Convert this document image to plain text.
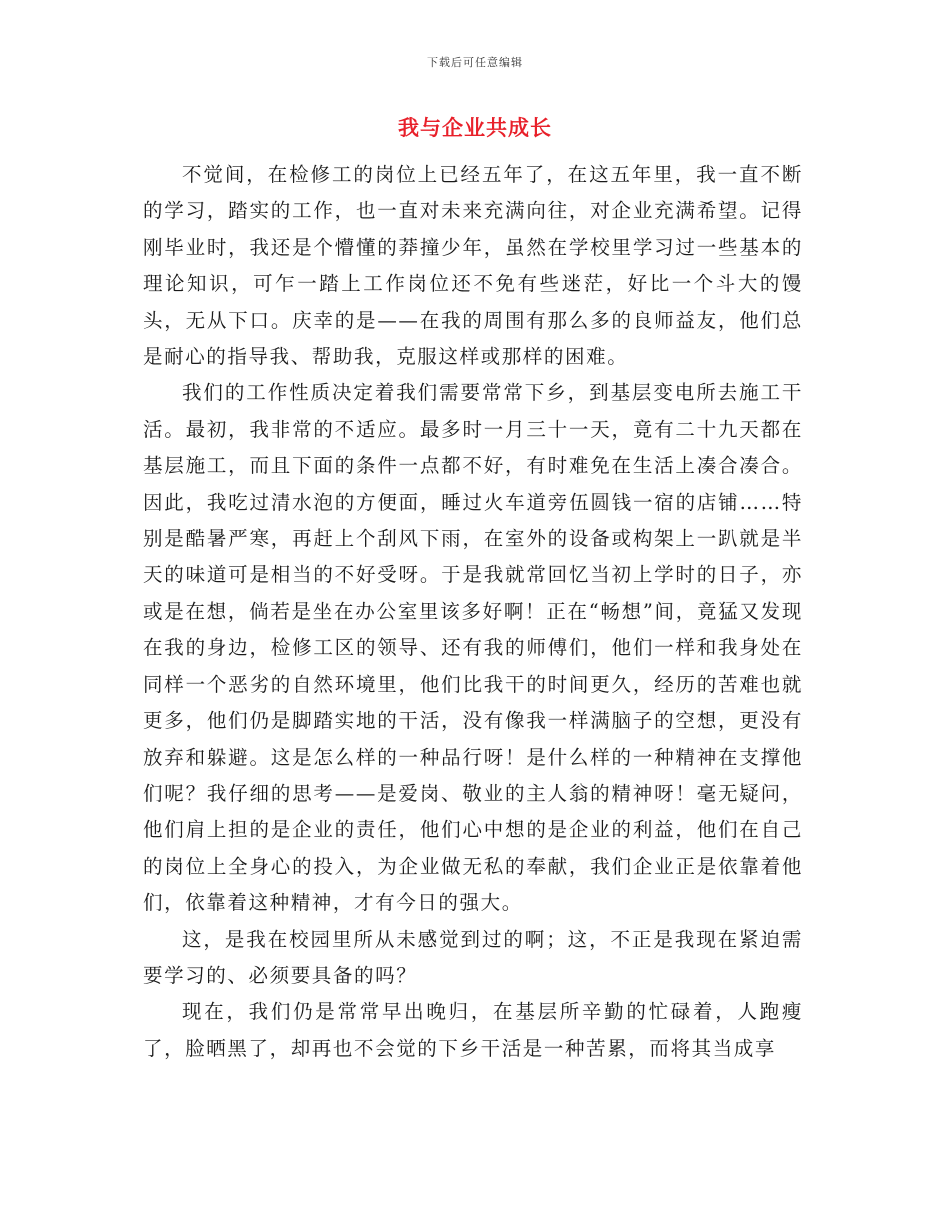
下载后可任意编辑
我与企业共成长

不觉间，在检修工的岗位上已经五年了，在这五年里，我一直不断的学习，踏实的工作，也一直对未来充满向往，对企业充满希望。记得刚毕业时，我还是个懵懂的莽撞少年，虽然在学校里学习过一些基本的理论知识，可乍一踏上工作岗位还不免有些迷茫，好比一个斗大的馒头，无从下口。庆幸的是——在我的周围有那么多的良师益友，他们总是耐心的指导我、帮助我，克服这样或那样的困难。

我们的工作性质决定着我们需要常常下乡，到基层变电所去施工干活。最初，我非常的不适应。最多时一月三十一天，竟有二十九天都在基层施工，而且下面的条件一点都不好，有时难免在生活上凑合凑合。因此，我吃过清水泡的方便面，睡过火车道旁伍圆钱一宿的店铺……特别是酷暑严寒，再赶上个刮风下雨，在室外的设备或构架上一趴就是半天的味道可是相当的不好受呀。于是我就常回忆当初上学时的日子，亦或是在想，倘若是坐在办公室里该多好啊！正在“畅想”间，竟猛又发现在我的身边，检修工区的领导、还有我的师傅们，他们一样和我身处在同样一个恶劣的自然环境里，他们比我干的时间更久，经历的苦难也就更多，他们仍是脚踏实地的干活，没有像我一样满脑子的空想，更没有放弃和躲避。这是怎么样的一种品行呀！是什么样的一种精神在支撑他们呢？我仔细的思考——是爱岗、敬业的主人翁的精神呀！毫无疑问，他们肩上担的是企业的责任，他们心中想的是企业的利益，他们在自己的岗位上全身心的投入，为企业做无私的奉献，我们企业正是依靠着他们，依靠着这种精神，才有今日的强大。

这，是我在校园里所从未感觉到过的啊；这，不正是我现在紧迫需要学习的、必须要具备的吗？

现在，我们仍是常常早出晚归，在基层所辛勤的忙碌着，人跑瘦了，脸晒黑了，却再也不会觉的下乡干活是一种苦累，而将其当成享
